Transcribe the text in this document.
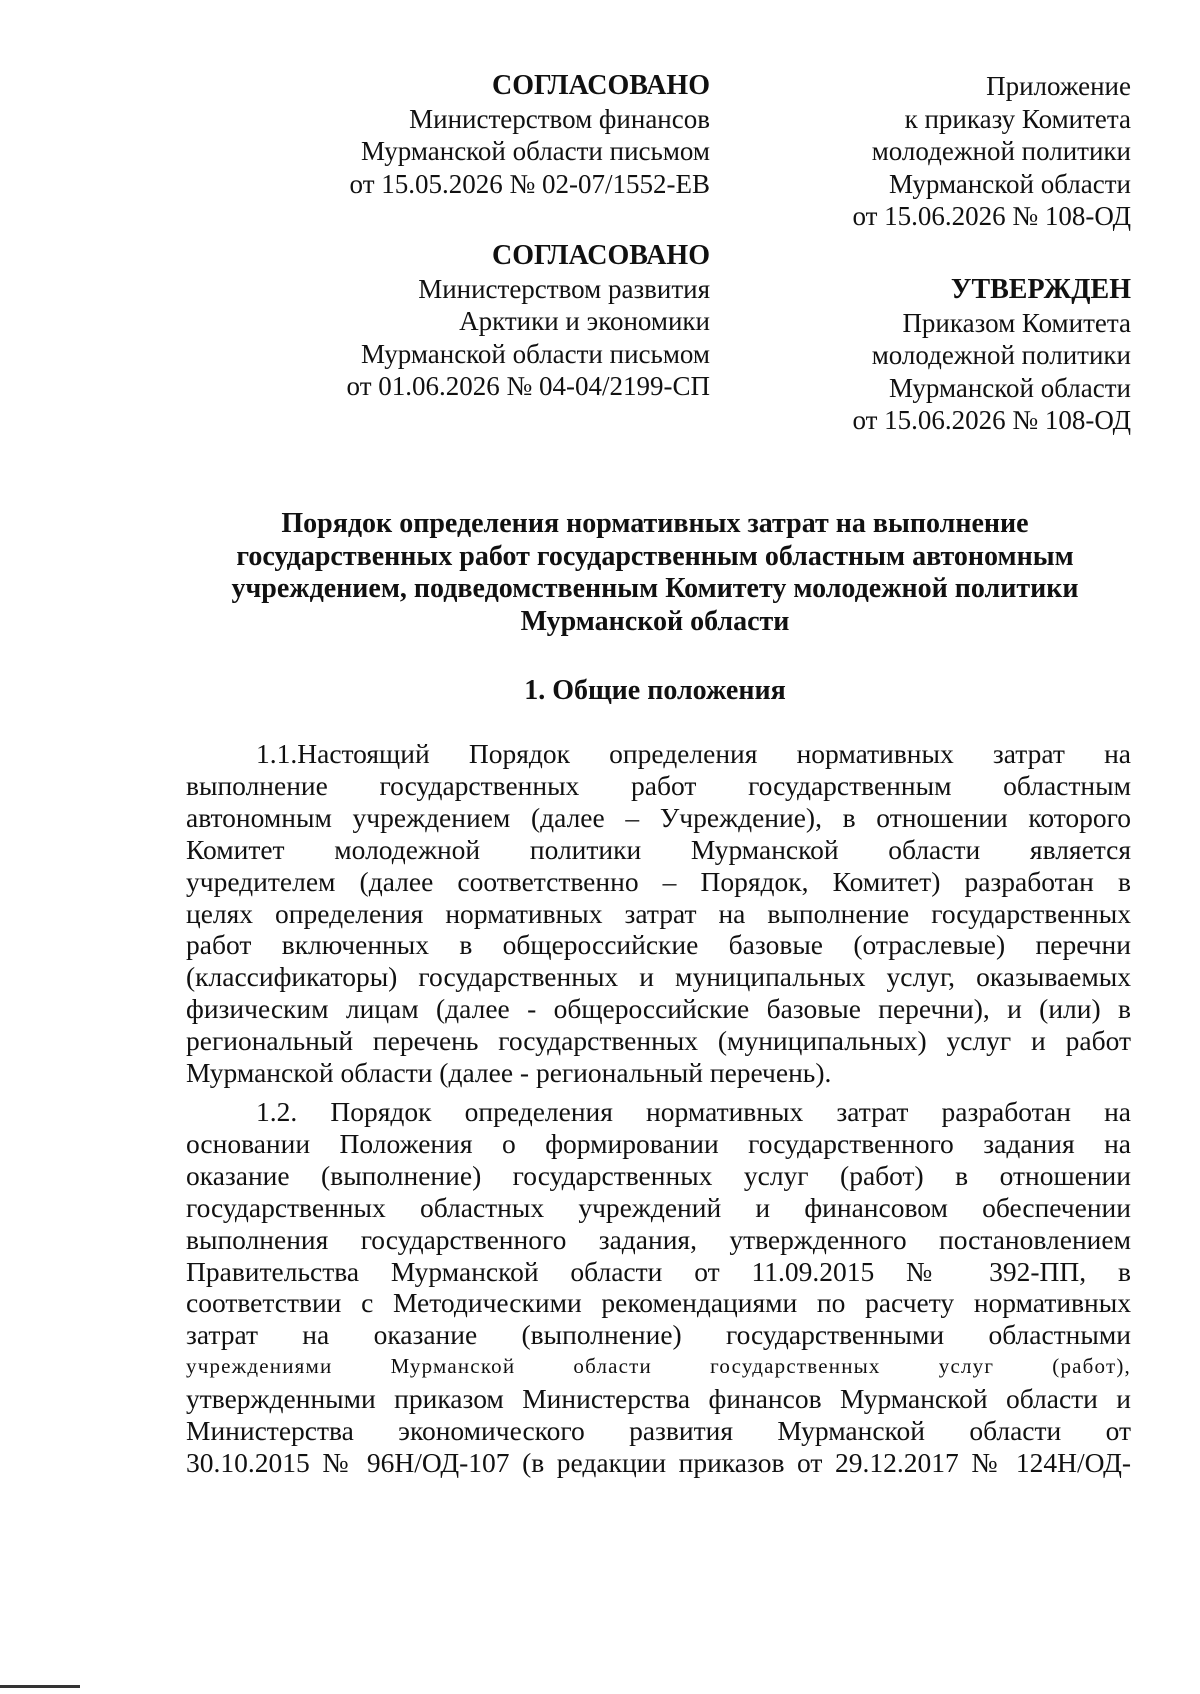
СОГЛАСОВАНО
Министерством финансов
Мурманской области письмом
от 15.05.2026 № 02-07/1552-ЕВ
СОГЛАСОВАНО
Министерством развития
Арктики и экономики
Мурманской области письмом
от 01.06.2026 № 04-04/2199-СП
Приложение
к приказу Комитета
молодежной политики
Мурманской области
от 15.06.2026 № 108-ОД
УТВЕРЖДЕН
Приказом Комитета
молодежной политики
Мурманской области
от 15.06.2026 № 108-ОД
Порядок определения нормативных затрат на выполнение
государственных работ государственным областным автономным
учреждением, подведомственным Комитету молодежной политики
Мурманской области
1. Общие положения
1.1.Настоящий Порядок определения нормативных затрат на
выполнение государственных работ государственным областным
автономным учреждением (далее – Учреждение), в отношении которого
Комитет молодежной политики Мурманской области является
учредителем (далее соответственно – Порядок, Комитет) разработан в
целях определения нормативных затрат на выполнение государственных
работ включенных в общероссийские базовые (отраслевые) перечни
(классификаторы) государственных и муниципальных услуг, оказываемых
физическим лицам (далее - общероссийские базовые перечни), и (или) в
региональный перечень государственных (муниципальных) услуг и работ
Мурманской области (далее - региональный перечень).
1.2. Порядок определения нормативных затрат разработан на
основании Положения о формировании государственного задания на
оказание (выполнение) государственных услуг (работ) в отношении
государственных областных учреждений и финансовом обеспечении
выполнения государственного задания, утвержденного постановлением
Правительства Мурманской области от 11.09.2015 № 392-ПП, в
соответствии с Методическими рекомендациями по расчету нормативных
затрат на оказание (выполнение) государственными областными
учреждениями Мурманской области государственных услуг (работ),
утвержденными приказом Министерства финансов Мурманской области и
Министерства экономического развития Мурманской области от
30.10.2015 № 96Н/ОД-107 (в редакции приказов от 29.12.2017 № 124Н/ОД-
